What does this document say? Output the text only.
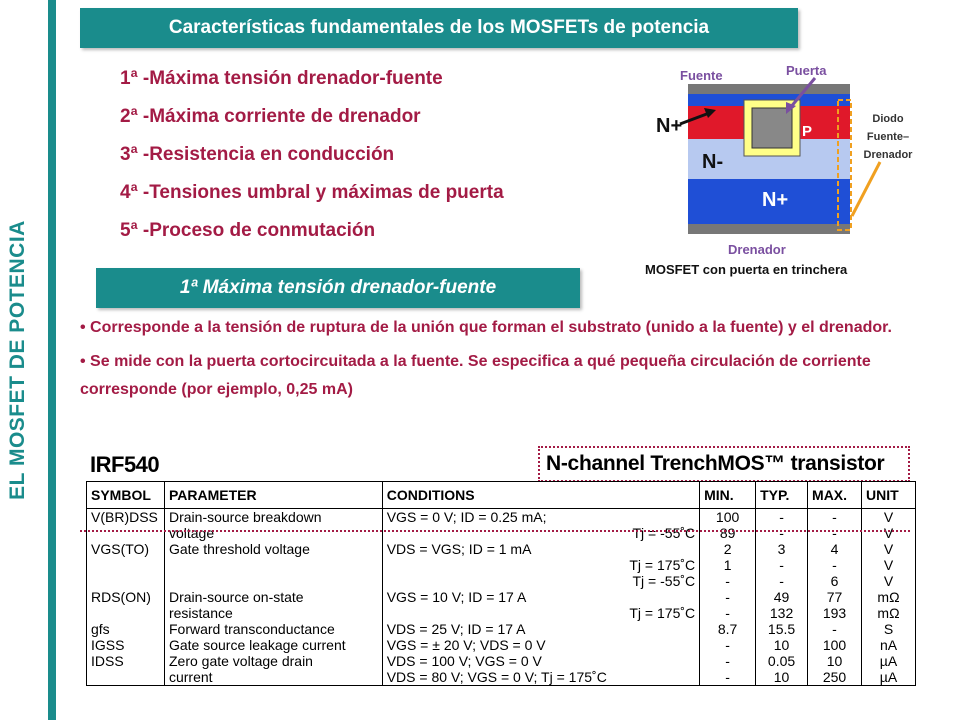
EL MOSFET DE POTENCIA
Características fundamentales de los MOSFETs de potencia
1ª -Máxima tensión drenador-fuente
2ª -Máxima corriente de drenador
3ª -Resistencia en conducción
4ª -Tensiones umbral y máximas de puerta
5ª -Proceso de conmutación
Fuente	Puerta
Diodo
Fuente–
Drenador
N+	P
N-
N+
Drenador
MOSFET con puerta en trinchera
1ª Máxima tensión drenador-fuente

• Corresponde a la tensión de ruptura de la unión que forman el substrato (unido a la fuente) y el drenador.

• Se mide con la puerta cortocircuitada a la fuente. Se especifica a qué pequeña circulación de corriente corresponde (por ejemplo, 0,25 mA)

IRF540	N-channel TrenchMOS™ transistor
SYMBOL	PARAMETER	CONDITIONS	MIN.	TYP.	MAX.	UNIT
V(BR)DSS	Drain-source breakdown	VGS = 0 V; ID = 0.25 mA;	100	-	-	V
	voltage	Tj = -55˚C	89	-	-	V
VGS(TO)	Gate threshold voltage	VDS = VGS; ID = 1 mA	2	3	4	V
		Tj = 175˚C	1	-	-	V
		Tj = -55˚C	-	-	6	V
RDS(ON)	Drain-source on-state	VGS = 10 V; ID = 17 A	-	49	77	mΩ
	resistance	Tj = 175˚C	-	132	193	mΩ
gfs	Forward transconductance	VDS = 25 V; ID = 17 A	8.7	15.5	-	S
IGSS	Gate source leakage current	VGS = ± 20 V; VDS = 0 V	-	10	100	nA
IDSS	Zero gate voltage drain	VDS = 100 V; VGS = 0 V	-	0.05	10	µA
	current	VDS = 80 V; VGS = 0 V; Tj = 175˚C	-	10	250	µA
